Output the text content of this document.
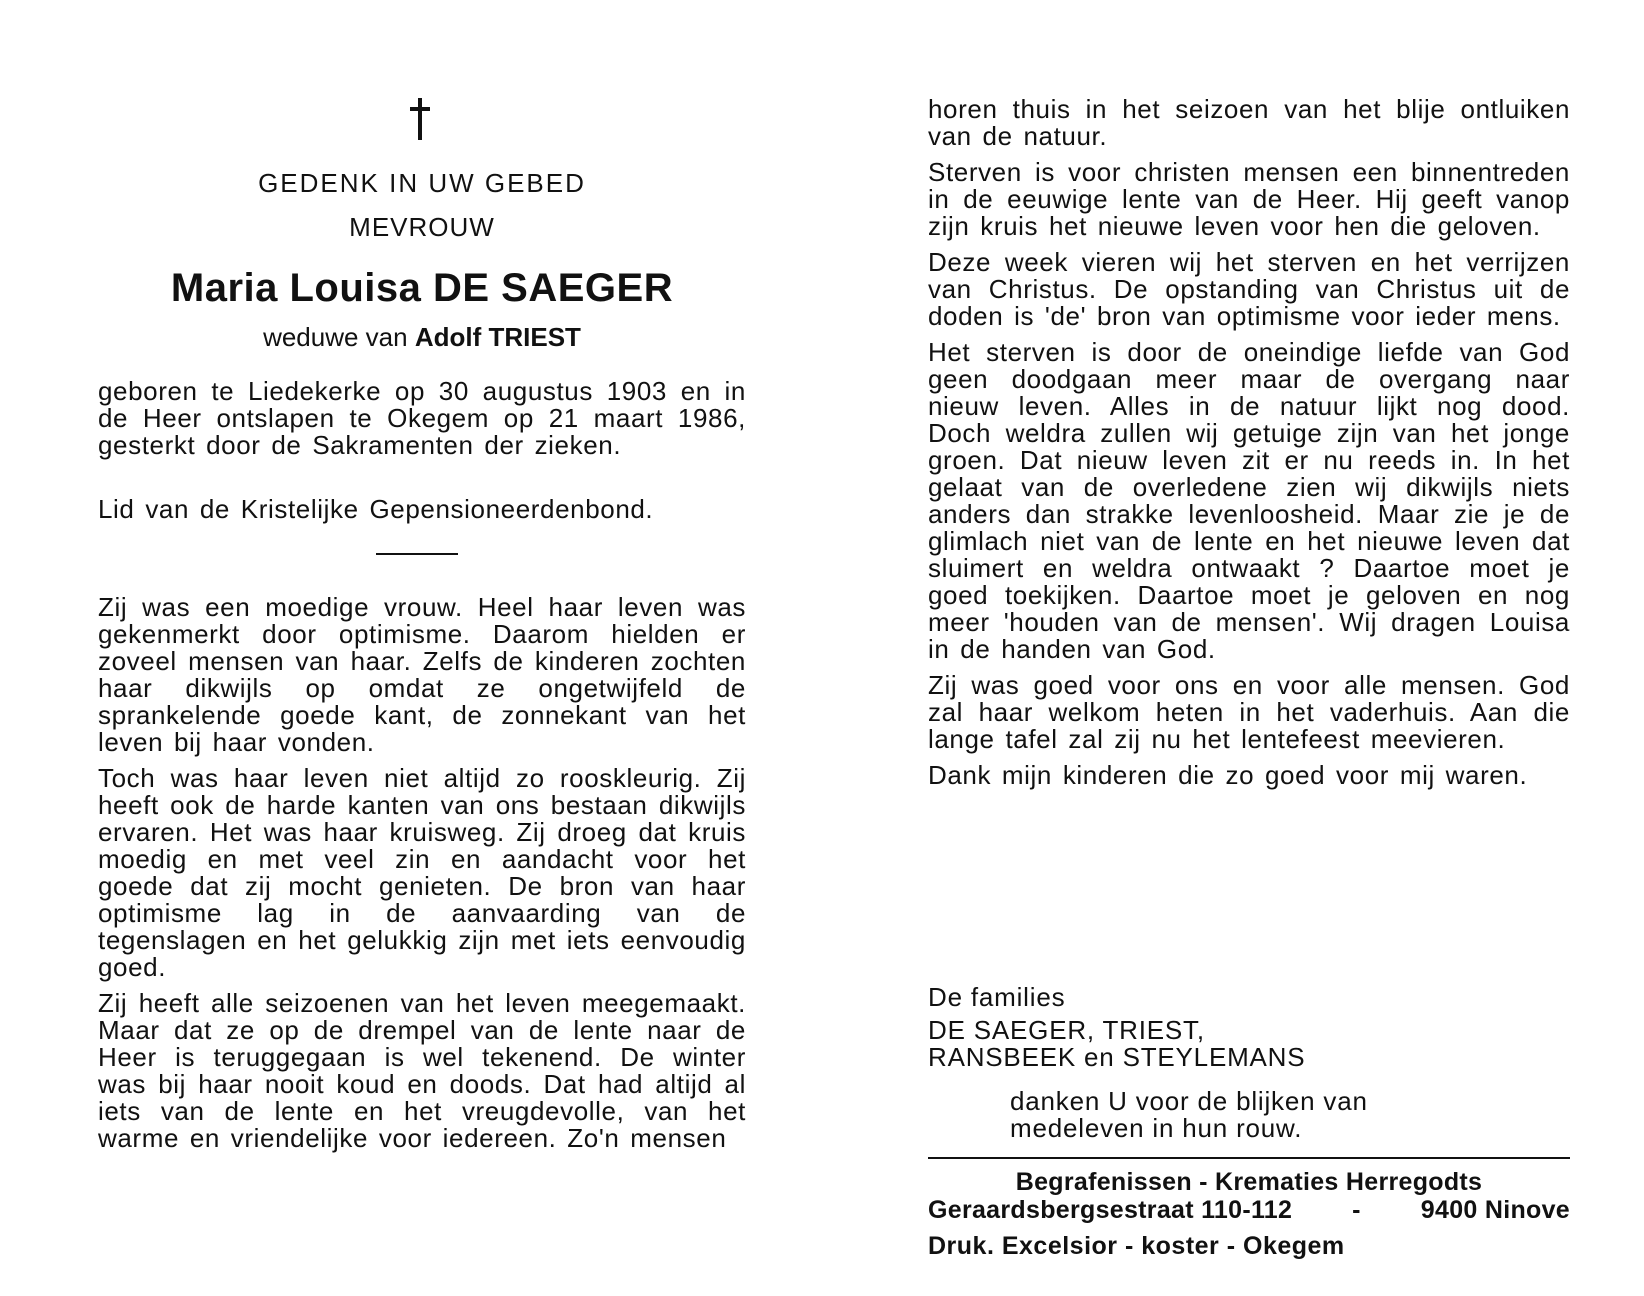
GEDENK IN UW GEBED
MEVROUW
Maria Louisa DE SAEGER
weduwe van Adolf TRIEST

geboren te Liedekerke op 30 augustus 1903 en in de Heer ontslapen te Okegem op 21 maart 1986, gesterkt door de Sakramenten der zieken.

Lid van de Kristelijke Gepensioneerdenbond.

Zij was een moedige vrouw. Heel haar leven was gekenmerkt door optimisme. Daarom hielden er zoveel mensen van haar. Zelfs de kinderen zochten haar dikwijls op omdat ze ongetwijfeld de sprankelende goede kant, de zonnekant van het leven bij haar vonden.

Toch was haar leven niet altijd zo rooskleurig. Zij heeft ook de harde kanten van ons bestaan dikwijls ervaren. Het was haar kruisweg. Zij droeg dat kruis moedig en met veel zin en aandacht voor het goede dat zij mocht genieten. De bron van haar optimisme lag in de aanvaarding van de tegenslagen en het gelukkig zijn met iets eenvoudig goed.

Zij heeft alle seizoenen van het leven meegemaakt. Maar dat ze op de drempel van de lente naar de Heer is teruggegaan is wel tekenend. De winter was bij haar nooit koud en doods. Dat had altijd al iets van de lente en het vreugdevolle, van het warme en vriendelijke voor iedereen. Zo'n mensen

horen thuis in het seizoen van het blije ontluiken van de natuur.

Sterven is voor christen mensen een binnentreden in de eeuwige lente van de Heer. Hij geeft vanop zijn kruis het nieuwe leven voor hen die geloven.

Deze week vieren wij het sterven en het verrijzen van Christus. De opstanding van Christus uit de doden is 'de' bron van optimisme voor ieder mens.

Het sterven is door de oneindige liefde van God geen doodgaan meer maar de overgang naar nieuw leven. Alles in de natuur lijkt nog dood. Doch weldra zullen wij getuige zijn van het jonge groen. Dat nieuw leven zit er nu reeds in. In het gelaat van de overledene zien wij dikwijls niets anders dan strakke levenloosheid. Maar zie je de glimlach niet van de lente en het nieuwe leven dat sluimert en weldra ontwaakt ? Daartoe moet je goed toekijken. Daartoe moet je geloven en nog meer 'houden van de mensen'. Wij dragen Louisa in de handen van God.

Zij was goed voor ons en voor alle mensen. God zal haar welkom heten in het vaderhuis. Aan die lange tafel zal zij nu het lentefeest meevieren.

Dank mijn kinderen die zo goed voor mij waren.

De families
DE SAEGER, TRIEST,
RANSBEEK en STEYLEMANS
danken U voor de blijken van medeleven in hun rouw.
Begrafenissen - Krematies Herregodts
Geraardsbergsestraat 110-112 - 9400 Ninove
Druk. Excelsior - koster - Okegem
